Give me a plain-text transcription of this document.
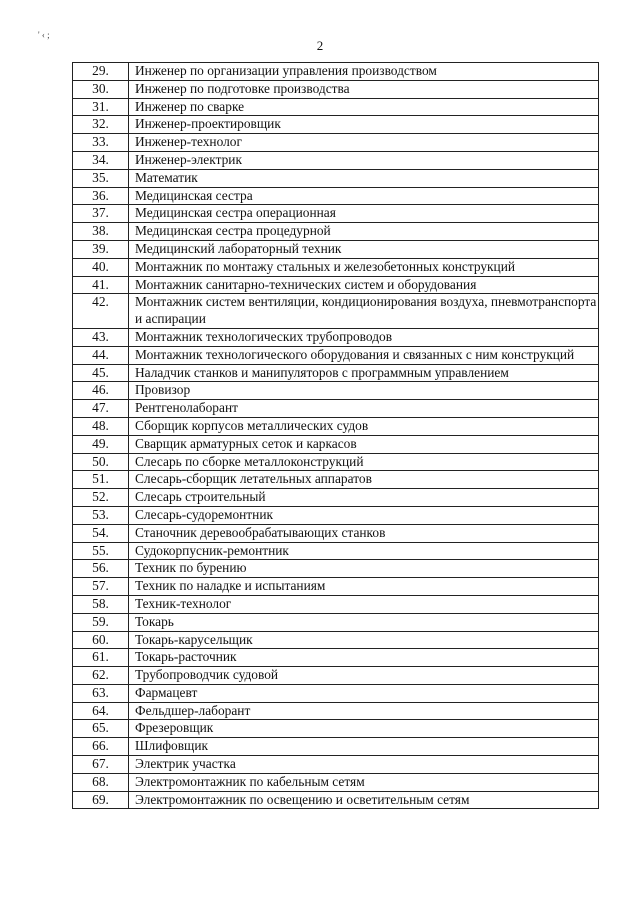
' ‹ ;
2
29.	Инженер по организации управления производством
30.	Инженер по подготовке производства
31.	Инженер по сварке
32.	Инженер-проектировщик
33.	Инженер-технолог
34.	Инженер-электрик
35.	Математик
36.	Медицинская сестра
37.	Медицинская сестра операционная
38.	Медицинская сестра процедурной
39.	Медицинский лабораторный техник
40.	Монтажник по монтажу стальных и железобетонных конструкций
41.	Монтажник санитарно-технических систем и оборудования
42.	Монтажник систем вентиляции, кондиционирования воздуха, пневмотранспорта и аспирации
43.	Монтажник технологических трубопроводов
44.	Монтажник технологического оборудования и связанных с ним конструкций
45.	Наладчик станков и манипуляторов с программным управлением
46.	Провизор
47.	Рентгенолаборант
48.	Сборщик корпусов металлических судов
49.	Сварщик арматурных сеток и каркасов
50.	Слесарь по сборке металлоконструкций
51.	Слесарь-сборщик летательных аппаратов
52.	Слесарь строительный
53.	Слесарь-судоремонтник
54.	Станочник деревообрабатывающих станков
55.	Судокорпусник-ремонтник
56.	Техник по бурению
57.	Техник по наладке и испытаниям
58.	Техник-технолог
59.	Токарь
60.	Токарь-карусельщик
61.	Токарь-расточник
62.	Трубопроводчик судовой
63.	Фармацевт
64.	Фельдшер-лаборант
65.	Фрезеровщик
66.	Шлифовщик
67.	Электрик участка
68.	Электромонтажник по кабельным сетям
69.	Электромонтажник по освещению и осветительным сетям
